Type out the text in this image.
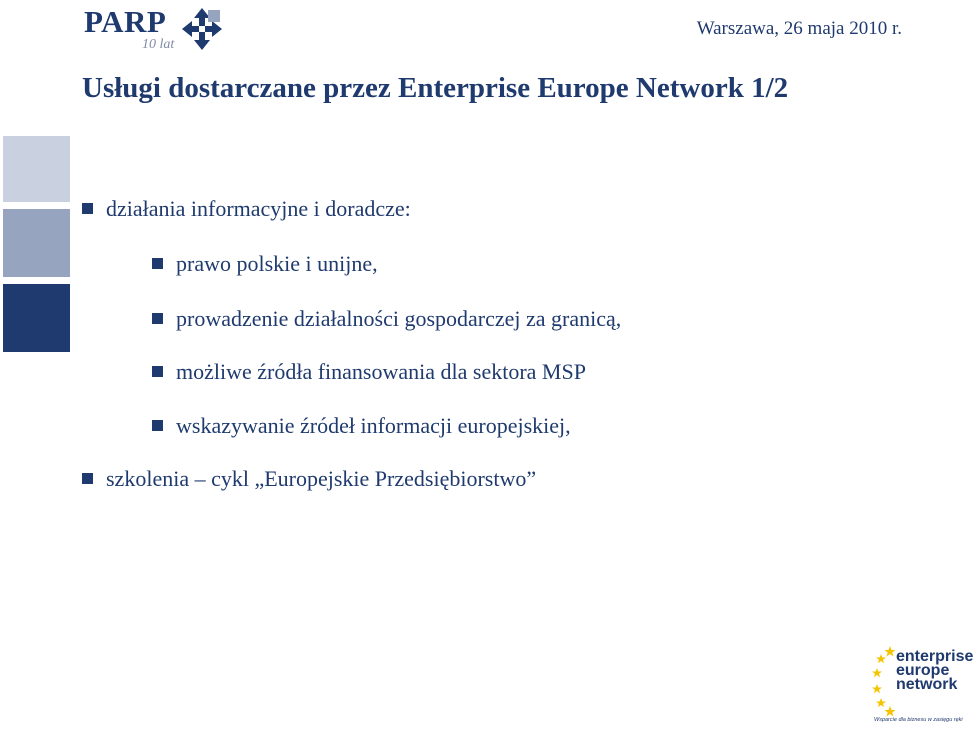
PARP
10 lat
Warszawa, 26 maja 2010 r.
Usługi dostarczane przez Enterprise Europe Network 1/2
działania informacyjne i doradcze:
prawo polskie i unijne,
prowadzenie działalności gospodarczej za granicą,
możliwe źródła finansowania dla sektora MSP
wskazywanie źródeł informacji europejskiej,
szkolenia – cykl „Europejskie Przedsiębiorstwo”
enterprise
europe
network
Wsparcie dla biznesu w zasięgu ręki
